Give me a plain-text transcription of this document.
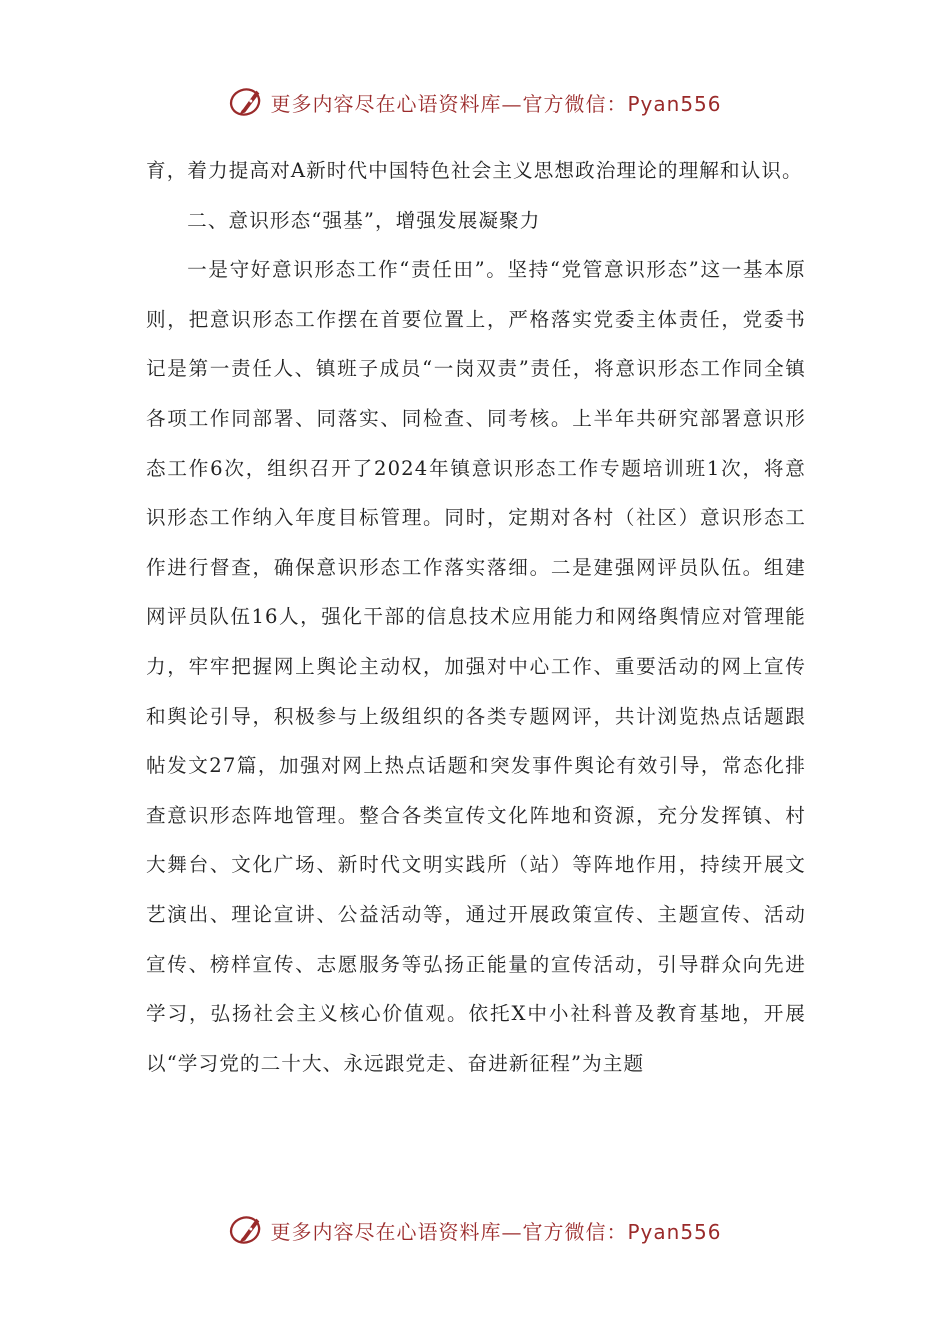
更多内容尽在心语资料库—官方微信：Pyan556

育，着力提高对A新时代中国特色社会主义思想政治理论的理解和认识。

二、意识形态“强基”，增强发展凝聚力

一是守好意识形态工作“责任田”。坚持“党管意识形态”这一基本原则，把意识形态工作摆在首要位置上，严格落实党委主体责任，党委书记是第一责任人、镇班子成员“一岗双责”责任，将意识形态工作同全镇各项工作同部署、同落实、同检查、同考核。上半年共研究部署意识形态工作6次，组织召开了2024年镇意识形态工作专题培训班1次，将意识形态工作纳入年度目标管理。同时，定期对各村（社区）意识形态工作进行督查，确保意识形态工作落实落细。二是建强网评员队伍。组建网评员队伍16人，强化干部的信息技术应用能力和网络舆情应对管理能力，牢牢把握网上舆论主动权，加强对中心工作、重要活动的网上宣传和舆论引导，积极参与上级组织的各类专题网评，共计浏览热点话题跟帖发文27篇，加强对网上热点话题和突发事件舆论有效引导，常态化排查意识形态阵地管理。整合各类宣传文化阵地和资源，充分发挥镇、村大舞台、文化广场、新时代文明实践所（站）等阵地作用，持续开展文艺演出、理论宣讲、公益活动等，通过开展政策宣传、主题宣传、活动宣传、榜样宣传、志愿服务等弘扬正能量的宣传活动，引导群众向先进学习，弘扬社会主义核心价值观。依托X中小社科普及教育基地，开展以“学习党的二十大、永远跟党走、奋进新征程”为主题

更多内容尽在心语资料库—官方微信：Pyan556
